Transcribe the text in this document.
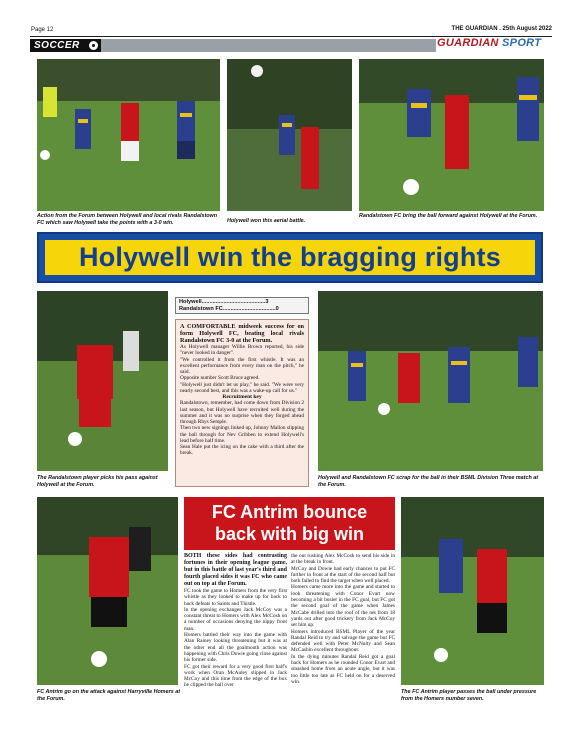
Page 12	THE GUARDIAN . 25th August 2022
SOCCER	GUARDIAN SPORT
Action from the Forum between Holywell and local rivals Randalstown FC which saw Holywell take the points with a 3-0 win.	Holywell won this aerial battle.
Randalstown FC bring the ball forward against Holywell at the Forum.
Holywell win the bragging rights
The Randalstown player picks his pass against Holywell at the Forum.
Holywell and Randalstown FC scrap for the ball in their BSML Division Three match at the Forum.
Holywell.........................................3
Randalstown FC..................................0

A COMFORTABLE midweek success for on form Holywell FC, beating local rivals Randalstown FC 3-0 at the Forum.

As Holywell manager Willie Brown reported, his side "never looked in danger".

"We controlled it from the first whistle. It was an excellent performance from every man on the pitch," he said.

Opposite number Scott Bruce agreed.

"Holywell just didn't let us play," he said. "We were very nearly second best, and this was a wake-up call for us."

Recruitment key

Randalstown, remember, had come down from Division 2 last season, but Holywell have recruited well during the summer and it was no surprise when they forged ahead through Rhys Semple.

Then two new signings linked up, Johnny Mallon slipping the ball through for Nev Gribben to extend Holywell's lead before half time.

Sean Hale put the icing on the cake with a third after the break.

FC Antrim go on the attack against Harryville Homers at the Forum.
The FC Antrim player passes the ball under pressure from the Homers number seven.
FC Antrim bounce
back with big win

BOTH these sides had contrasting fortunes in their opening league game, but in this battle of last year's third and fourth placed sides it was FC who came out on top at the Forum.

FC took the game to Homers from the very first whistle as they looked to make up for back to back defeats to Saints and Thistle.

In the opening exchanges Jack McCoy was a constant threat to Homers with Alex McCosh on a number of occasions denying the nippy front man.

Homers battled their way into the game with Alan Rainey looking threatening but it was at the other end all the goalmouth action was happening with Chris Dowie going close against his former side.

FC got their reward for a very good first half's work when Oran McAuley slipped in Jack McCoy and this time from the edge of the box he clipped the ball over

the out rushing Alex McCosh to send his side in at the break in front.

McCoy and Dowie had early chances to put FC further in front at the start of the second half but both failed to find the target when well placed.

Homers came more into the game and started to look threatening with Conor Evart now becoming a bit busier in the FC goal, but FC got the second goal of the game when James McCabe drilled into the roof of the net from 18 yards out after good trickery from Jack McCoy set him up.

Homers introduced BSML Player of the year Randal Reid to try and salvage the game but FC defended well with Peter McNulty and Sean McCashin excellent throughout.

In the dying minutes Randal Reid got a goal back for Homers as he rounded Conor Evart and smashed home from an acute angle, but it was too little too late as FC held on for a deserved win.
